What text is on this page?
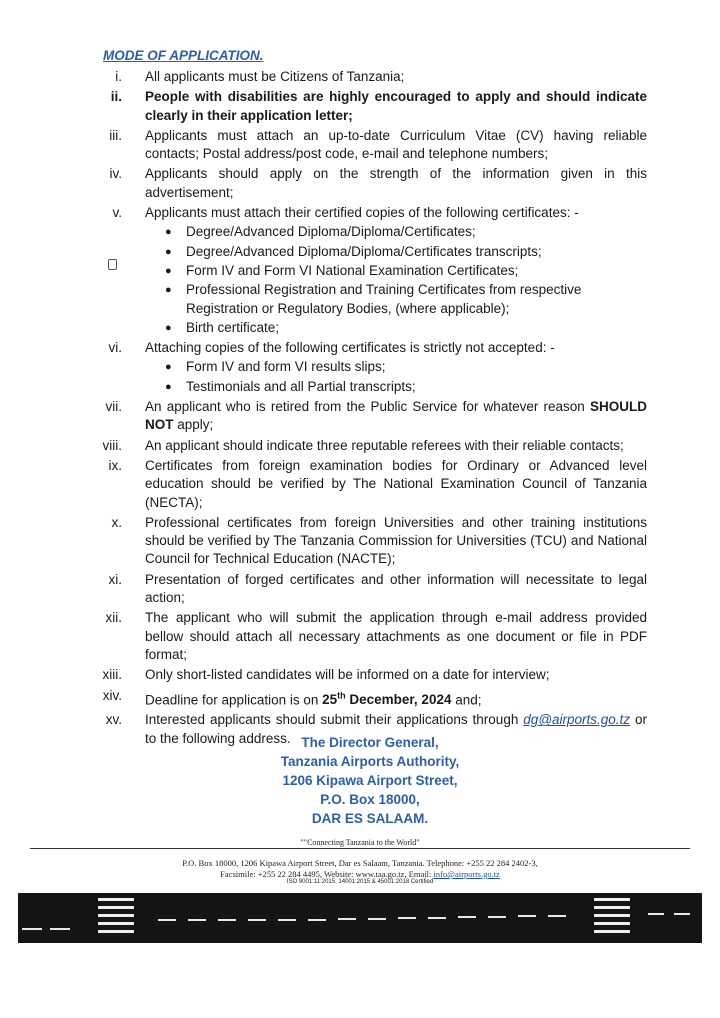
MODE OF APPLICATION.
i. All applicants must be Citizens of Tanzania;
ii. People with disabilities are highly encouraged to apply and should indicate clearly in their application letter;
iii. Applicants must attach an up-to-date Curriculum Vitae (CV) having reliable contacts; Postal address/post code, e-mail and telephone numbers;
iv. Applicants should apply on the strength of the information given in this advertisement;
v. Applicants must attach their certified copies of the following certificates: -
● Degree/Advanced Diploma/Diploma/Certificates;
● Degree/Advanced Diploma/Diploma/Certificates transcripts;
● Form IV and Form VI National Examination Certificates;
● Professional Registration and Training Certificates from respective Registration or Regulatory Bodies, (where applicable);
● Birth certificate;
vi. Attaching copies of the following certificates is strictly not accepted: -
● Form IV and form VI results slips;
● Testimonials and all Partial transcripts;
vii. An applicant who is retired from the Public Service for whatever reason SHOULD NOT apply;
viii. An applicant should indicate three reputable referees with their reliable contacts;
ix. Certificates from foreign examination bodies for Ordinary or Advanced level education should be verified by The National Examination Council of Tanzania (NECTA);
x. Professional certificates from foreign Universities and other training institutions should be verified by The Tanzania Commission for Universities (TCU) and National Council for Technical Education (NACTE);
xi. Presentation of forged certificates and other information will necessitate to legal action;
xii. The applicant who will submit the application through e-mail address provided bellow should attach all necessary attachments as one document or file in PDF format;
xiii. Only short-listed candidates will be informed on a date for interview;
xiv. Deadline for application is on 25th December, 2024 and;
xv. Interested applicants should submit their applications through dg@airports.go.tz or to the following address. The Director General,
Tanzania Airports Authority,
1206 Kipawa Airport Street,
P.O. Box 18000,
DAR ES SALAAM.
""Connecting Tanzania to the World"
P.O. Box 18000, 1206 Kipawa Airport Street, Dar es Salaam, Tanzania. Telephone: +255 22 284 2402-3,
Facsimile: +255 22 284 4495, Website: www.taa.go.tz, Email: info@airports.go.tz
ISO 9001:11:2015; 14001:2015 & 45001:2018 Certified
